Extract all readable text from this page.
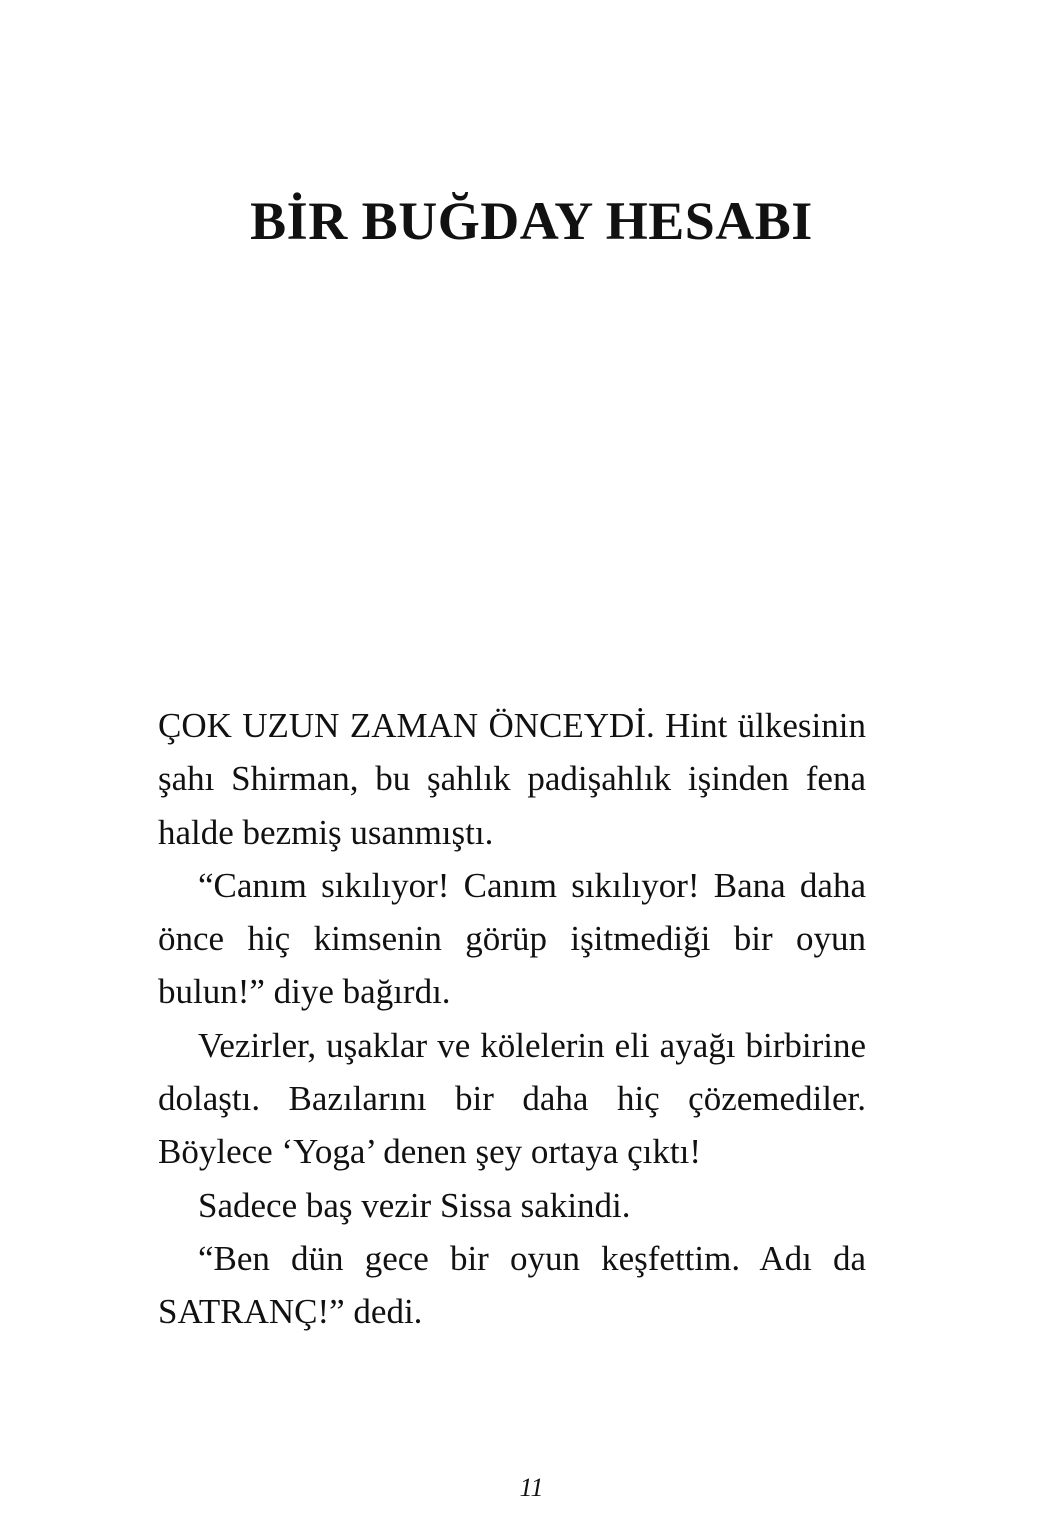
BİR BUĞDAY HESABI

ÇOK UZUN ZAMAN ÖNCEYDİ. Hint ülkesinin şahı Shirman, bu şahlık padişahlık işinden fena halde bezmiş usanmıştı.

“Canım sıkılıyor! Canım sıkılıyor! Bana daha önce hiç kimsenin görüp işitmediği bir oyun bulun!” diye bağırdı.

Vezirler, uşaklar ve kölelerin eli ayağı birbirine dolaştı. Bazılarını bir daha hiç çözemediler. Böylece ‘Yoga’ denen şey ortaya çıktı!

Sadece baş vezir Sissa sakindi.

“Ben dün gece bir oyun keşfettim. Adı da SATRANÇ!” dedi.

11
